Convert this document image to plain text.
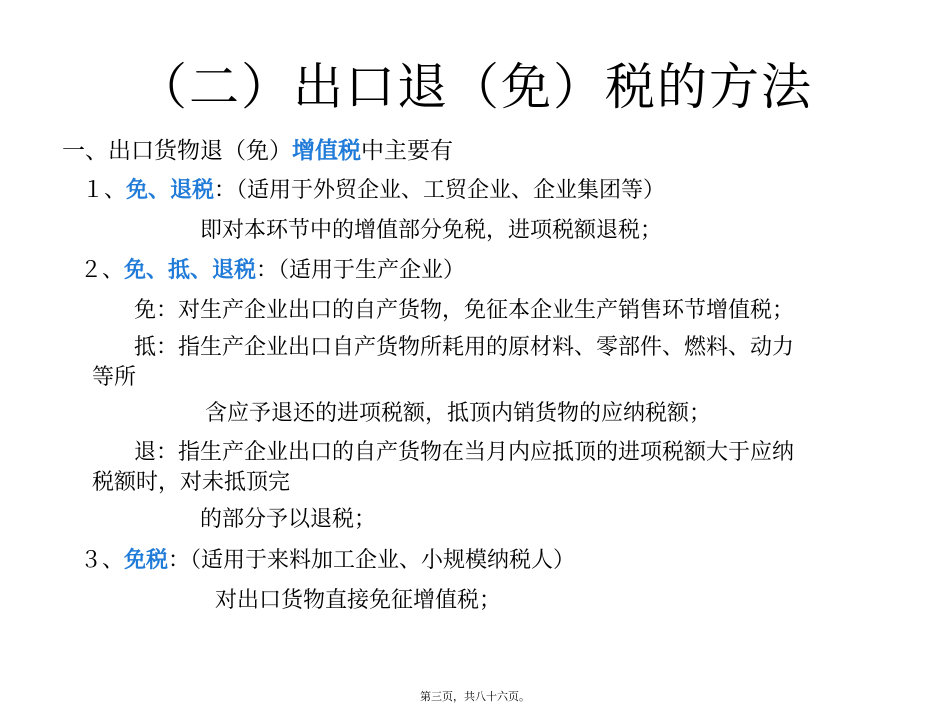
（二）出口退（免）税的方法
一、出口货物退（免）增值税中主要有
１、免、退税：（适用于外贸企业、工贸企业、企业集团等）
即对本环节中的增值部分免税，进项税额退税；
２、免、抵、退税：（适用于生产企业）
免：对生产企业出口的自产货物，免征本企业生产销售环节增值税；
抵：指生产企业出口自产货物所耗用的原材料、零部件、燃料、动力
等所
含应予退还的进项税额，抵顶内销货物的应纳税额；
退：指生产企业出口的自产货物在当月内应抵顶的进项税额大于应纳
税额时，对未抵顶完
的部分予以退税；
３、免税：（适用于来料加工企业、小规模纳税人）
对出口货物直接免征增值税；
第三页，共八十六页。
